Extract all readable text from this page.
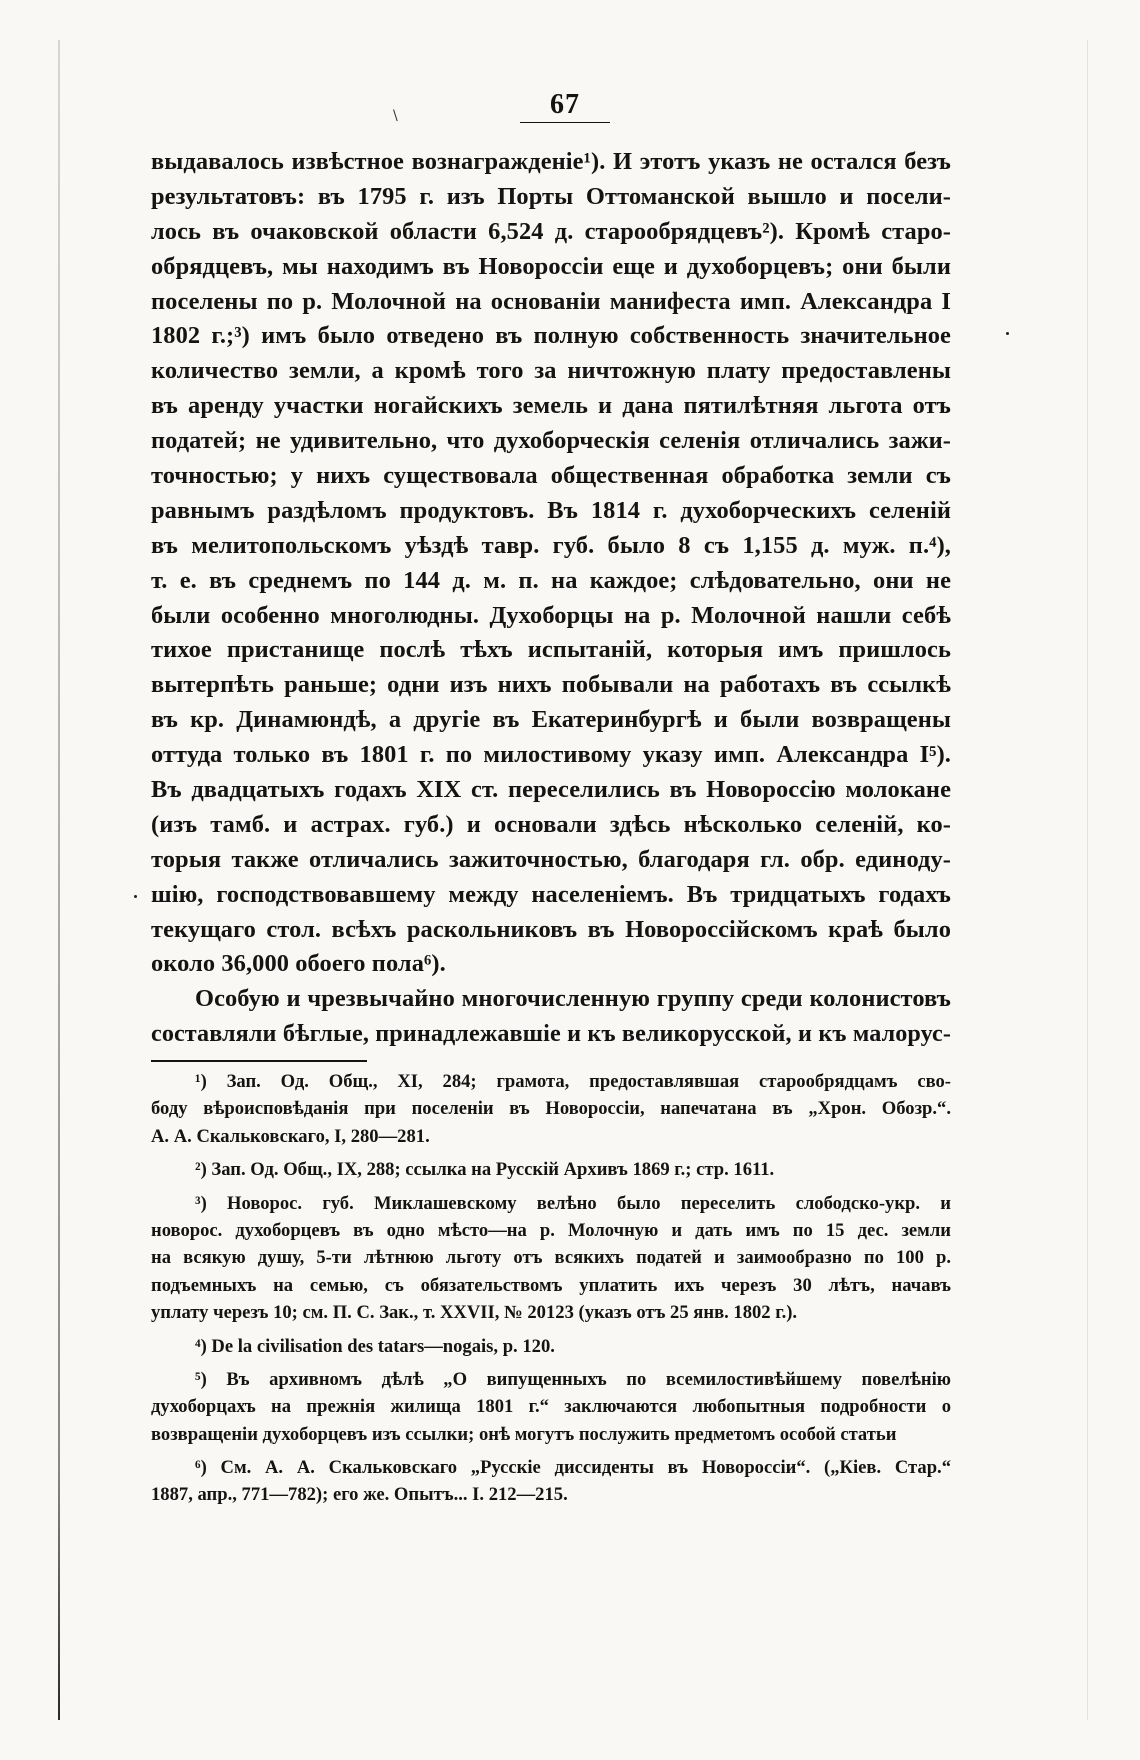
\	67
выдавалось извѣстное вознагражденіе¹). И этотъ указъ не остался безъ
результатовъ: въ 1795 г. изъ Порты Оттоманской вышло и посели-
лось въ очаковской области 6,524 д. старообрядцевъ²). Кромѣ старо-
обрядцевъ, мы находимъ въ Новороссіи еще и духоборцевъ; они были
поселены по р. Молочной на основаніи манифеста имп. Александра I
1802 г.;³) имъ было отведено въ полную собственность значительное
количество земли, а кромѣ того за ничтожную плату предоставлены
въ аренду участки ногайскихъ земель и дана пятилѣтняя льгота отъ
податей; не удивительно, что духоборческія селенія отличались зажи-
точностью; у нихъ существовала общественная обработка земли съ
равнымъ раздѣломъ продуктовъ. Въ 1814 г. духоборческихъ селеній
въ мелитопольскомъ уѣздѣ тавр. губ. было 8 съ 1,155 д. муж. п.⁴),
т. е. въ среднемъ по 144 д. м. п. на каждое; слѣдовательно, они не
были особенно многолюдны. Духоборцы на р. Молочной нашли себѣ
тихое пристанище послѣ тѣхъ испытаній, которыя имъ пришлось
вытерпѣть раньше; одни изъ нихъ побывали на работахъ въ ссылкѣ
въ кр. Динамюндѣ, а другіе въ Екатеринбургѣ и были возвращены
оттуда только въ 1801 г. по милостивому указу имп. Александра I⁵).
Въ двадцатыхъ годахъ XIX ст. переселились въ Новороссію молокане
(изъ тамб. и астрах. губ.) и основали здѣсь нѣсколько селеній, ко-
торыя также отличались зажиточностью, благодаря гл. обр. единоду-
шію, господствовавшему между населеніемъ. Въ тридцатыхъ годахъ
текущаго стол. всѣхъ раскольниковъ въ Новороссійскомъ краѣ было
около 36,000 обоего пола⁶).
Особую и чрезвычайно многочисленную группу среди колонистовъ
составляли бѣглые, принадлежавшіе и къ великорусской, и къ малорус-
¹) Зап. Од. Общ., XI, 284; грамота, предоставлявшая старообрядцамъ сво-
боду вѣроисповѣданія при поселеніи въ Новороссіи, напечатана въ „Хрон. Обозр.“.
А. А. Скальковскаго, I, 280—281.
²) Зап. Од. Общ., IX, 288; ссылка на Русскій Архивъ 1869 г.; стр. 1611.
³) Новорос. губ. Миклашевскому велѣно было переселить слободско-укр. и
новорос. духоборцевъ въ одно мѣсто—на р. Молочную и дать имъ по 15 дес. земли
на всякую душу, 5-ти лѣтнюю льготу отъ всякихъ податей и заимообразно по 100 р.
подъемныхъ на семью, съ обязательствомъ уплатить ихъ черезъ 30 лѣтъ, начавъ
уплату черезъ 10; см. П. С. Зак., т. XXVII, № 20123 (указъ отъ 25 янв. 1802 г.).
⁴) De la civilisation des tatars—nogais, p. 120.
⁵) Въ архивномъ дѣлѣ „О випущенныхъ по всемилостивѣйшему повелѣнію
духоборцахъ на прежнія жилища 1801 г.“ заключаются любопытныя подробности о
возвращеніи духоборцевъ изъ ссылки; онѣ могутъ послужить предметомъ особой статьи
⁶) См. А. А. Скальковскаго „Русскіе диссиденты въ Новороссіи“. („Кіев. Стар.“
1887, апр., 771—782); его же. Опытъ... I. 212—215.
